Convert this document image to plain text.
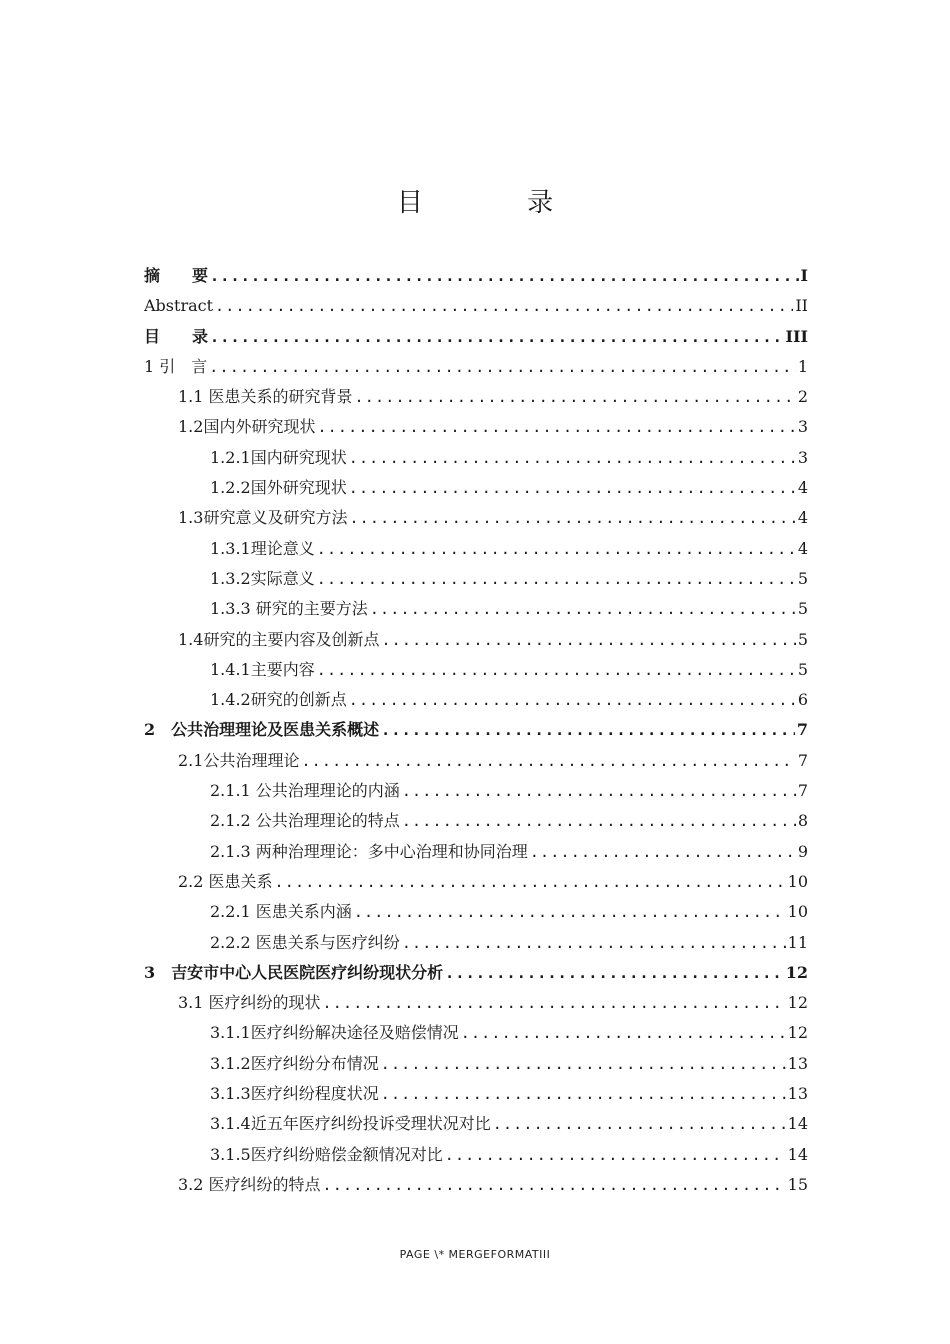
目 录
摘　　要 .....	I
Abstract .....	II
目　　录 .....	III
1 引　言 .....	1
1.1 医患关系的研究背景 .....	2
1.2国内外研究现状 .....	3
1.2.1国内研究现状 .....	3
1.2.2国外研究现状 .....	4
1.3研究意义及研究方法 .....	4
1.3.1理论意义 .....	4
1.3.2实际意义 .....	5
1.3.3 研究的主要方法 .....	5
1.4研究的主要内容及创新点 .....	5
1.4.1主要内容 .....	5
1.4.2研究的创新点 .....	6
2　公共治理理论及医患关系概述 .....	7
2.1公共治理理论 .....	7
2.1.1 公共治理理论的内涵 .....	7
2.1.2 公共治理理论的特点 .....	8
2.1.3 两种治理理论：多中心治理和协同治理 .....	9
2.2 医患关系 .....	10
2.2.1 医患关系内涵 .....	10
2.2.2 医患关系与医疗纠纷 .....	11
3　吉安市中心人民医院医疗纠纷现状分析 .....	12
3.1 医疗纠纷的现状 .....	12
3.1.1医疗纠纷解决途径及赔偿情况 .....	12
3.1.2医疗纠纷分布情况 .....	13
3.1.3医疗纠纷程度状况 .....	13
3.1.4近五年医疗纠纷投诉受理状况对比 .....	14
3.1.5医疗纠纷赔偿金额情况对比 .....	14
3.2 医疗纠纷的特点 .....	15
PAGE \* MERGEFORMATIII
